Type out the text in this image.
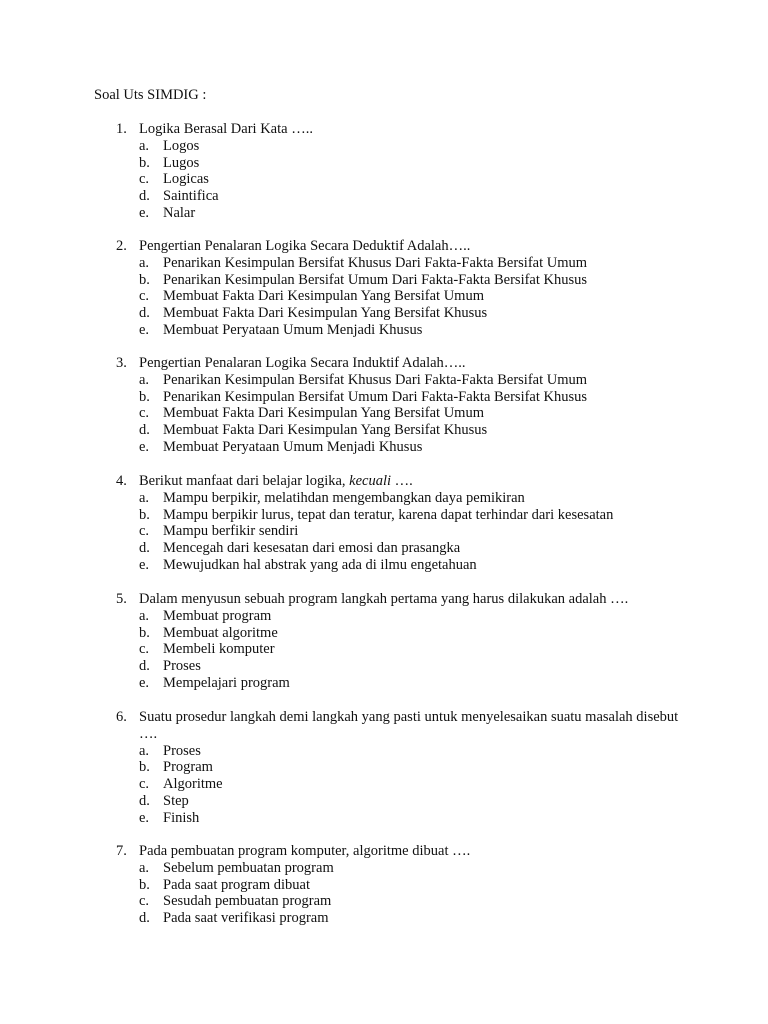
Soal Uts SIMDIG :
1. Logika Berasal Dari Kata …..
a. Logos
b. Lugos
c. Logicas
d. Saintifica
e. Nalar
2. Pengertian Penalaran Logika Secara Deduktif Adalah…..
a. Penarikan Kesimpulan Bersifat Khusus Dari Fakta-Fakta Bersifat Umum
b. Penarikan Kesimpulan Bersifat Umum Dari Fakta-Fakta Bersifat Khusus
c. Membuat Fakta Dari Kesimpulan Yang Bersifat Umum
d. Membuat Fakta Dari Kesimpulan Yang Bersifat Khusus
e. Membuat Peryataan Umum Menjadi Khusus
3. Pengertian Penalaran Logika Secara Induktif Adalah…..
a. Penarikan Kesimpulan Bersifat Khusus Dari Fakta-Fakta Bersifat Umum
b. Penarikan Kesimpulan Bersifat Umum Dari Fakta-Fakta Bersifat Khusus
c. Membuat Fakta Dari Kesimpulan Yang Bersifat Umum
d. Membuat Fakta Dari Kesimpulan Yang Bersifat Khusus
e. Membuat Peryataan Umum Menjadi Khusus
4. Berikut manfaat dari belajar logika, kecuali ….
a. Mampu berpikir, melatihdan mengembangkan daya pemikiran
b. Mampu berpikir lurus, tepat dan teratur, karena dapat terhindar dari kesesatan
c. Mampu berfikir sendiri
d. Mencegah dari kesesatan dari emosi dan prasangka
e. Mewujudkan hal abstrak yang ada di ilmu engetahuan
5. Dalam menyusun sebuah program langkah pertama yang harus dilakukan adalah ….
a. Membuat program
b. Membuat algoritme
c. Membeli komputer
d. Proses
e. Mempelajari program
6. Suatu prosedur langkah demi langkah yang pasti untuk menyelesaikan suatu masalah disebut ….
a. Proses
b. Program
c. Algoritme
d. Step
e. Finish
7. Pada pembuatan program komputer, algoritme dibuat ….
a. Sebelum pembuatan program
b. Pada saat program dibuat
c. Sesudah pembuatan program
d. Pada saat verifikasi program
